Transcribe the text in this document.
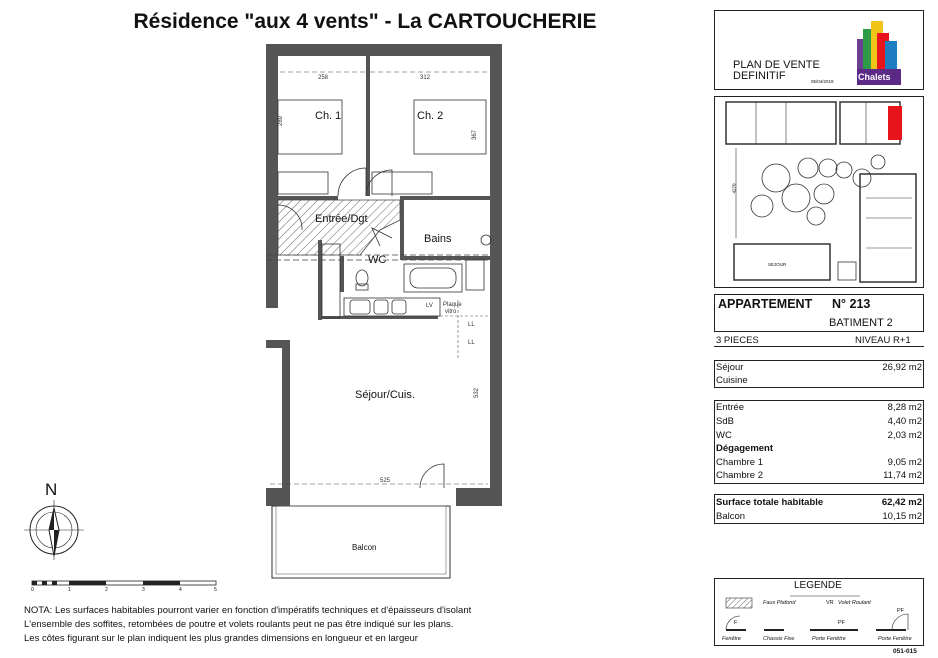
Résidence "aux 4 vents" - La CARTOUCHERIE
Ch. 1	Ch. 2
Entrée/Dgt
Bains
WC
Séjour/Cuis.
Balcon
LV Plaque
vitro
LL
LL
258	312
525
532
367
289
N
0	1	2	3	4	5
NOTA: Les surfaces habitables pourront varier en fonction d'impératifs techniques et d'épaisseurs d'isolant
L'ensemble des soffites, retombées de poutre et volets roulants peut ne pas être indiqué sur les plans.
Les côtes figurant sur le plan indiquent les plus grandes dimensions en longueur et en largeur
PLAN DE VENTE
DEFINITIF	05/04/2018	Chalets
SEJOUR
4270
APPARTEMENT N° 213
BATIMENT 2
3 PIECES	NIVEAU R+1
Séjour	26,92 m2
Cuisine
Entrée	8,28 m2
SdB	4,40 m2
WC	2,03 m2
Dégagement
Chambre 1	9,05 m2
Chambre 2	11,74 m2
Surface totale habitable	62,42 m2
Balcon	10,15 m2
LEGENDE
Faux Plafond	VR Volet Roulant
F	PF
PF
Fenêtre	Chassis Fixe	Porte Fenêtre	Porte Fenêtre
051-015
